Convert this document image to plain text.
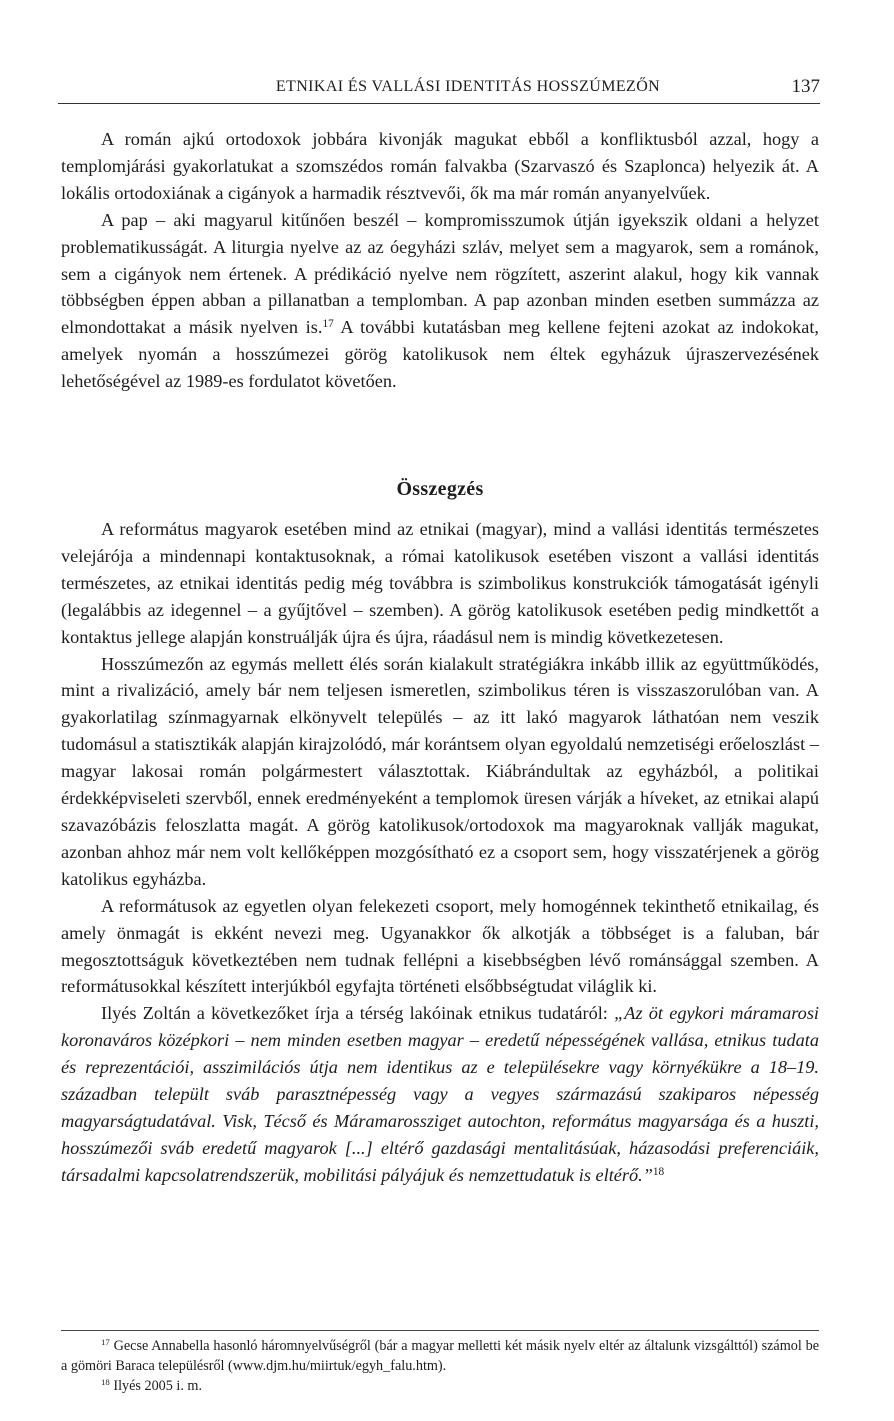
ETNIKAI ÉS VALLÁSI IDENTITÁS HOSSZÚMEZŐN	137

A román ajkú ortodoxok jobbára kivonják magukat ebből a konfliktusból azzal, hogy a templomjárási gyakorlatukat a szomszédos román falvakba (Szarvaszó és Szaplonca) helyezik át. A lokális ortodoxiának a cigányok a harmadik résztvevői, ők ma már román anyanyelvűek.

A pap – aki magyarul kitűnően beszél – kompromisszumok útján igyekszik oldani a helyzet problematikusságát. A liturgia nyelve az az óegyházi szláv, melyet sem a magyarok, sem a románok, sem a cigányok nem értenek. A prédikáció nyelve nem rögzített, aszerint alakul, hogy kik vannak többségben éppen abban a pillanatban a templomban. A pap azonban minden esetben summázza az elmondottakat a másik nyelven is.$^{17}$ A további kutatásban meg kellene fejteni azokat az indokokat, amelyek nyomán a hosszúmezei görög katolikusok nem éltek egyházuk újraszervezésének lehetőségével az 1989-es fordulatot követően.

Összegzés

A református magyarok esetében mind az etnikai (magyar), mind a vallási identitás természetes velejárója a mindennapi kontaktusoknak, a római katolikusok esetében viszont a vallási identitás természetes, az etnikai identitás pedig még továbbra is szimbolikus konstrukciók támogatását igényli (legalábbis az idegennel – a gyűjtővel – szemben). A görög katolikusok esetében pedig mindkettőt a kontaktus jellege alapján konstruálják újra és újra, ráadásul nem is mindig következetesen.

Hosszúmezőn az egymás mellett élés során kialakult stratégiákra inkább illik az együttműködés, mint a rivalizáció, amely bár nem teljesen ismeretlen, szimbolikus téren is visszaszorulóban van. A gyakorlatilag színmagyarnak elkönyvelt település – az itt lakó magyarok láthatóan nem veszik tudomásul a statisztikák alapján kirajzolódó, már korántsem olyan egyoldalú nemzetiségi erőeloszlást – magyar lakosai román polgármestert választottak. Kiábrándultak az egyházból, a politikai érdekképviseleti szervből, ennek eredményeként a templomok üresen várják a híveket, az etnikai alapú szavazóbázis feloszlatta magát. A görög katolikusok/ortodoxok ma magyaroknak vallják magukat, azonban ahhoz már nem volt kellőképpen mozgósítható ez a csoport sem, hogy visszatérjenek a görög katolikus egyházba.

A reformátusok az egyetlen olyan felekezeti csoport, mely homogénnek tekinthető etnikailag, és amely önmagát is ekként nevezi meg. Ugyanakkor ők alkotják a többséget is a faluban, bár megosztottságuk következtében nem tudnak fellépni a kisebbségben lévő románsággal szemben. A reformátusokkal készített interjúkból egyfajta történeti elsőbbségtudat világlik ki.

Ilyés Zoltán a következőket írja a térség lakóinak etnikus tudatáról: „Az öt egykori máramarosi koronaváros középkori – nem minden esetben magyar – eredetű népességének vallása, etnikus tudata és reprezentációi, asszimilációs útja nem identikus az e településekre vagy környékükre a 18–19. században települt sváb parasztnépesség vagy a vegyes származású szakiparos népesség magyarságtudatával. Visk, Técső és Máramarossziget autochton, református magyarsága és a huszti, hosszúmezői sváb eredetű magyarok [...] eltérő gazdasági mentalitásúak, házasodási preferenciáik, társadalmi kapcsolatrendszerük, mobilitási pályájuk és nemzettudatuk is eltérő.”$^{18}$

$^{17}$ Gecse Annabella hasonló háromnyelvűségről (bár a magyar melletti két másik nyelv eltér az általunk vizsgálttól) számol be a gömöri Baraca településről (www.djm.hu/miirtuk/egyh_falu.htm).

$^{18}$ Ilyés 2005 i. m.
